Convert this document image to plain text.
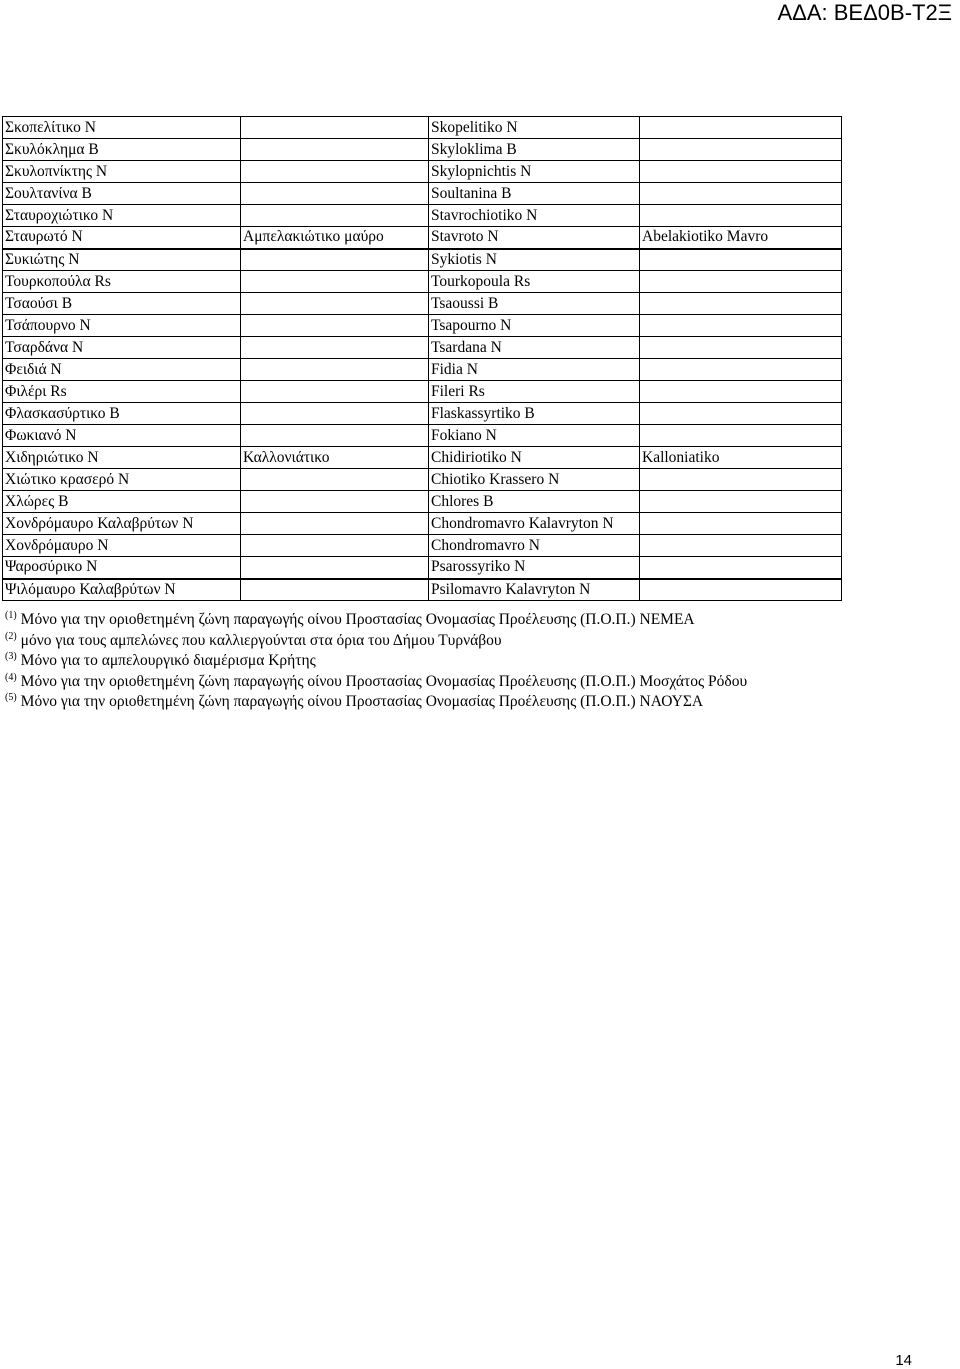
ΑΔΑ: ΒΕΔ0Β-Τ2Ξ
Σκοπελίτικο Ν		Skopelitiko N	
Σκυλόκλημα Β		Skyloklima B	
Σκυλοπνίκτης Ν		Skylopnichtis N	
Σουλτανίνα Β		Soultanina B	
Σταυροχιώτικο Ν		Stavrochiotiko N	
Σταυρωτό Ν	Αμπελακιώτικο μαύρο	Stavroto N	Abelakiotiko Mavro
Συκιώτης Ν		Sykiotis N	
Τουρκοπούλα Rs		Tourkopoula Rs	
Τσαούσι Β		Tsaoussi B	
Τσάπουρνο Ν		Tsapourno N	
Τσαρδάνα Ν		Tsardana N	
Φειδιά Ν		Fidia N	
Φιλέρι Rs		Fileri Rs	
Φλασκασύρτικο Β		Flaskassyrtiko B	
Φωκιανό Ν		Fokiano N	
Χιδηριώτικο Ν	Καλλονιάτικο	Chidiriotiko N	Kalloniatiko
Χιώτικο κρασερό Ν		Chiotiko Krassero N	
Χλώρες Β		Chlores B	
Χονδρόμαυρο Καλαβρύτων Ν		Chondromavro Kalavryton N	
Χονδρόμαυρο Ν		Chondromavro N	
Ψαροσύρικο Ν		Psarossyriko N	
Ψιλόμαυρο Καλαβρύτων Ν		Psilomavro Kalavryton N	
$^{(1)}$ Μόνο για την οριοθετημένη ζώνη παραγωγής οίνου Προστασίας Ονομασίας Προέλευσης (Π.Ο.Π.) ΝΕΜΕΑ
$^{(2)}$ μόνο για τους αμπελώνες που καλλιεργούνται στα όρια του Δήμου Τυρνάβου
$^{(3)}$ Μόνο για το αμπελουργικό διαμέρισμα Κρήτης
$^{(4)}$ Μόνο για την οριοθετημένη ζώνη παραγωγής οίνου Προστασίας Ονομασίας Προέλευσης (Π.Ο.Π.) Μοσχάτος Ρόδου
$^{(5)}$ Μόνο για την οριοθετημένη ζώνη παραγωγής οίνου Προστασίας Ονομασίας Προέλευσης (Π.Ο.Π.) ΝΑΟΥΣΑ
14
